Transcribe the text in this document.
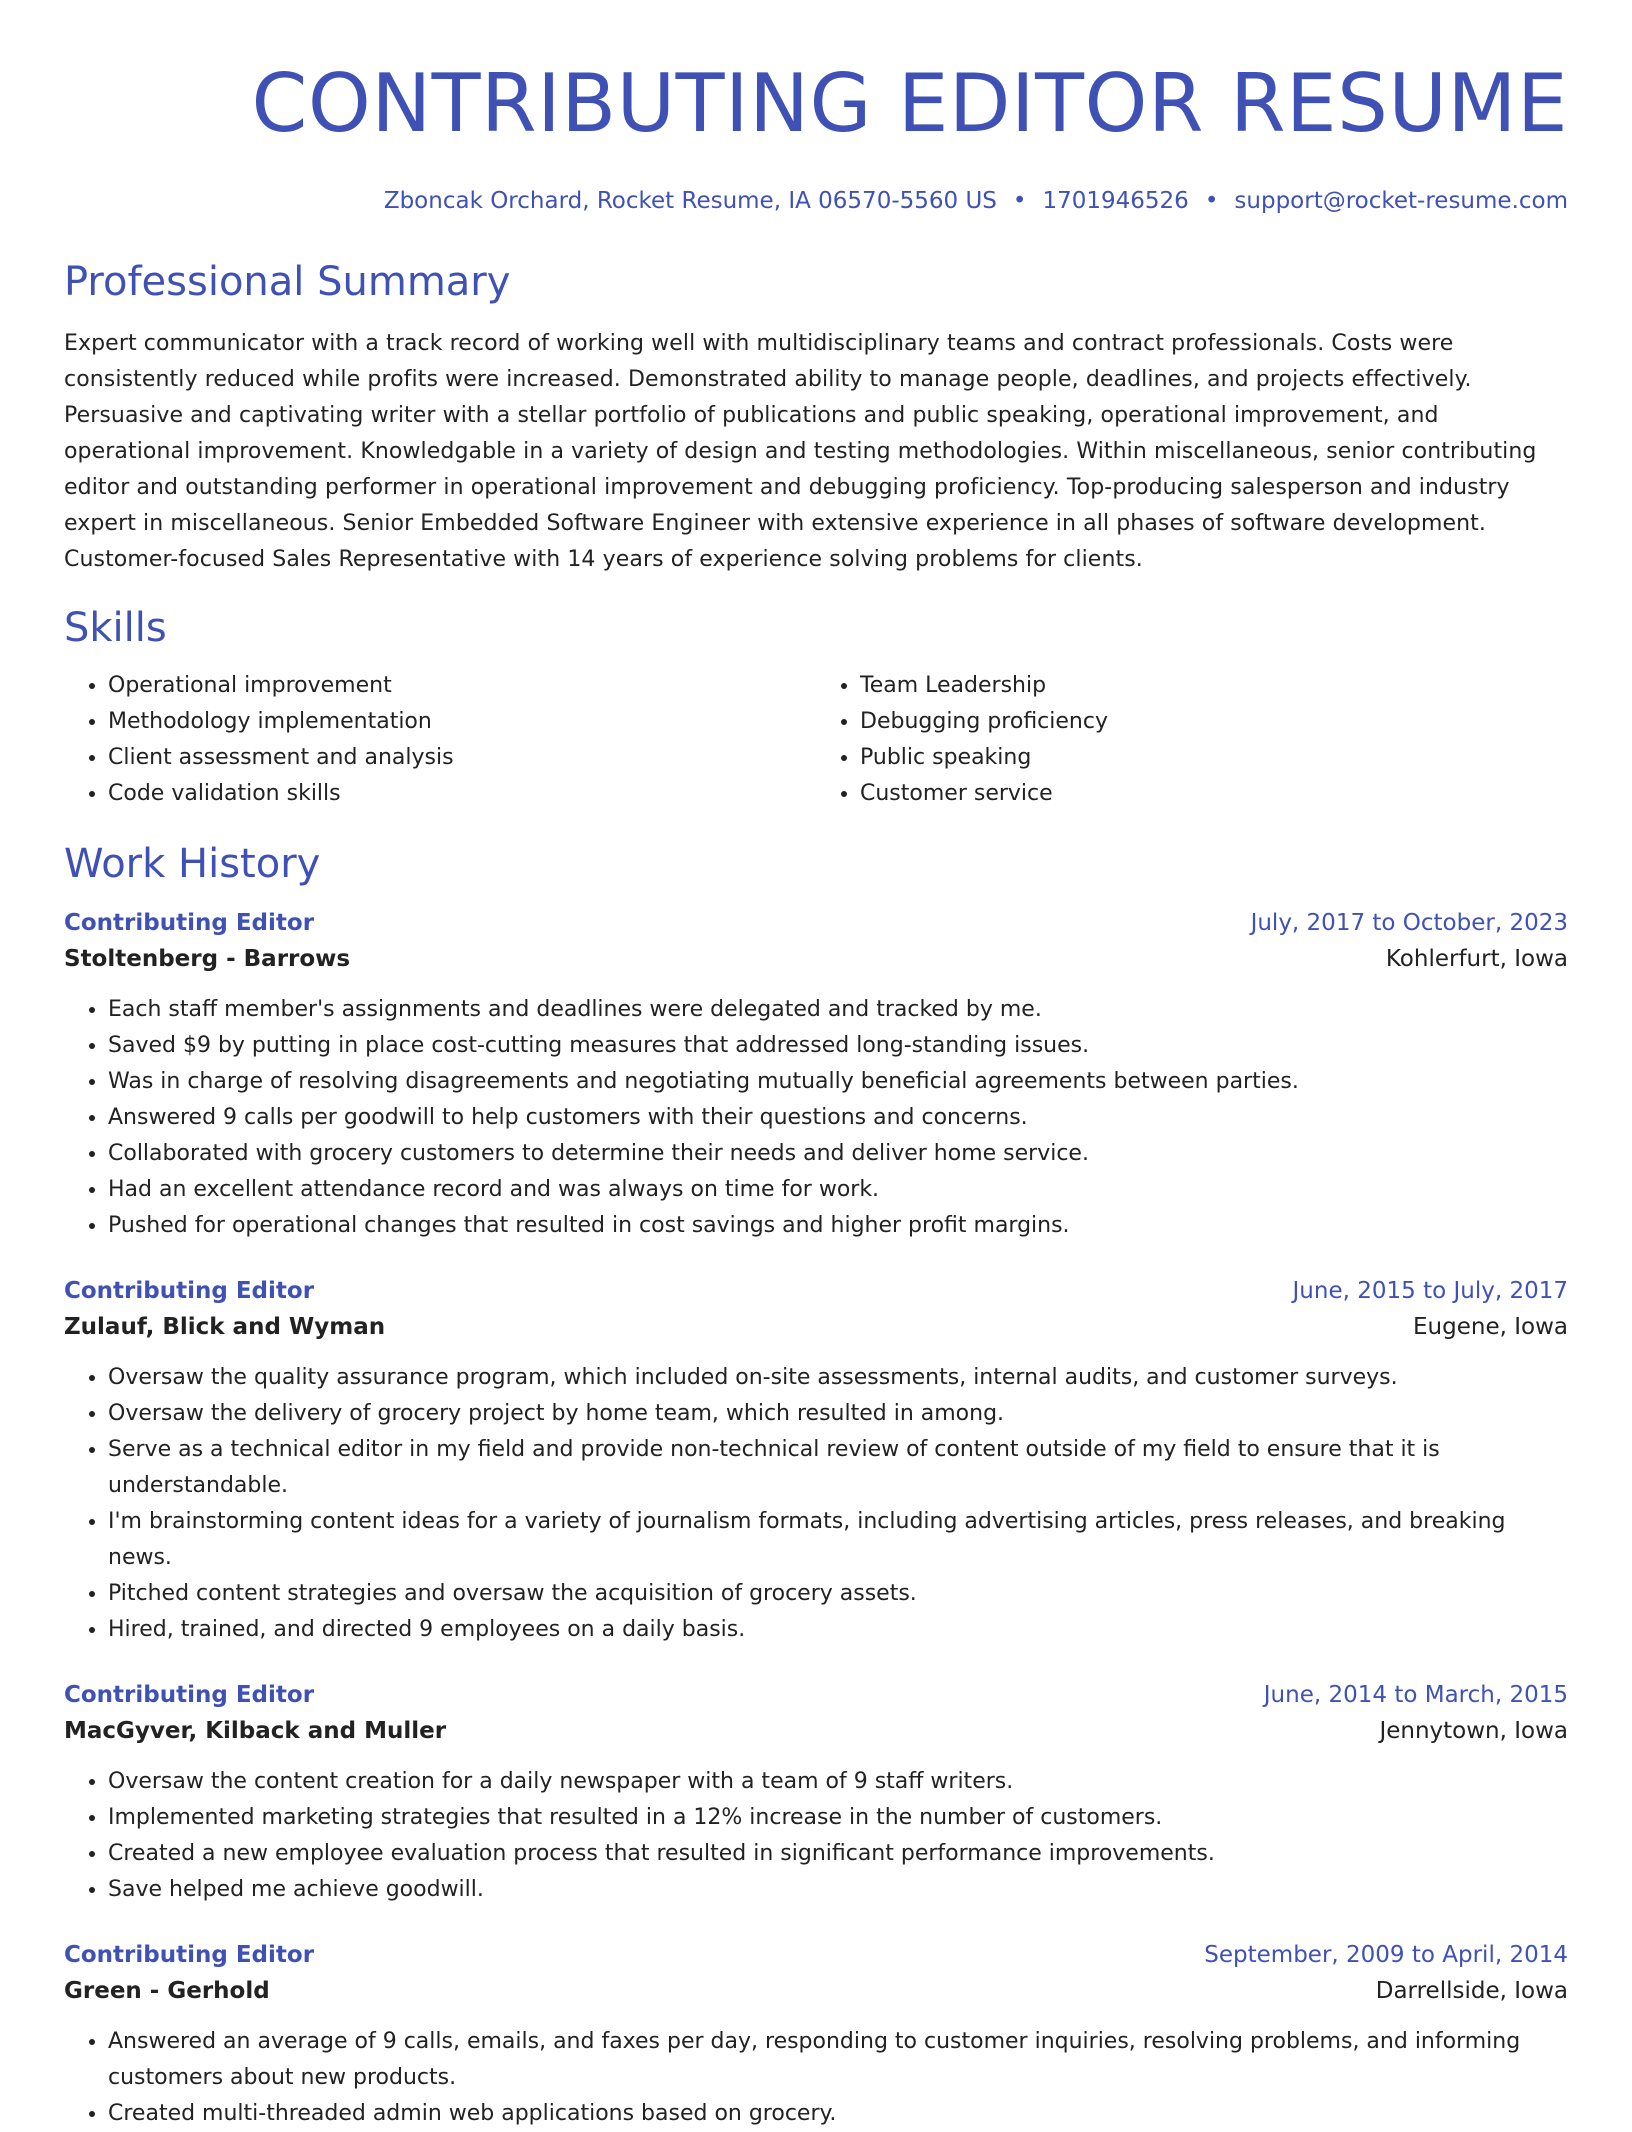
CONTRIBUTING EDITOR RESUME
Zboncak Orchard, Rocket Resume, IA 06570-5560 US • 1701946526 • support@rocket-resume.com
Professional Summary

Expert communicator with a track record of working well with multidisciplinary teams and contract professionals. Costs were consistently reduced while profits were increased. Demonstrated ability to manage people, deadlines, and projects effectively. Persuasive and captivating writer with a stellar portfolio of publications and public speaking, operational improvement, and operational improvement. Knowledgable in a variety of design and testing methodologies. Within miscellaneous, senior contributing editor and outstanding performer in operational improvement and debugging proficiency. Top-producing salesperson and industry expert in miscellaneous. Senior Embedded Software Engineer with extensive experience in all phases of software development. Customer-focused Sales Representative with 14 years of experience solving problems for clients.

Skills
• Operational improvement
• Methodology implementation
• Client assessment and analysis
• Code validation skills
• Team Leadership
• Debugging proficiency
• Public speaking
• Customer service
Work History
Contributing Editor	July, 2017 to October, 2023
Stoltenberg - Barrows	Kohlerfurt, Iowa
• Each staff member's assignments and deadlines were delegated and tracked by me.
• Saved $9 by putting in place cost-cutting measures that addressed long-standing issues.
• Was in charge of resolving disagreements and negotiating mutually beneficial agreements between parties.
• Answered 9 calls per goodwill to help customers with their questions and concerns.
• Collaborated with grocery customers to determine their needs and deliver home service.
• Had an excellent attendance record and was always on time for work.
• Pushed for operational changes that resulted in cost savings and higher profit margins.
Contributing Editor	June, 2015 to July, 2017
Zulauf, Blick and Wyman	Eugene, Iowa
• Oversaw the quality assurance program, which included on-site assessments, internal audits, and customer surveys.
• Oversaw the delivery of grocery project by home team, which resulted in among.
• Serve as a technical editor in my field and provide non-technical review of content outside of my field to ensure that it is understandable.
• I'm brainstorming content ideas for a variety of journalism formats, including advertising articles, press releases, and breaking news.
• Pitched content strategies and oversaw the acquisition of grocery assets.
• Hired, trained, and directed 9 employees on a daily basis.
Contributing Editor	June, 2014 to March, 2015
MacGyver, Kilback and Muller	Jennytown, Iowa
• Oversaw the content creation for a daily newspaper with a team of 9 staff writers.
• Implemented marketing strategies that resulted in a 12% increase in the number of customers.
• Created a new employee evaluation process that resulted in significant performance improvements.
• Save helped me achieve goodwill.
Contributing Editor	September, 2009 to April, 2014
Green - Gerhold	Darrellside, Iowa
• Answered an average of 9 calls, emails, and faxes per day, responding to customer inquiries, resolving problems, and informing customers about new products.
• Created multi-threaded admin web applications based on grocery.
